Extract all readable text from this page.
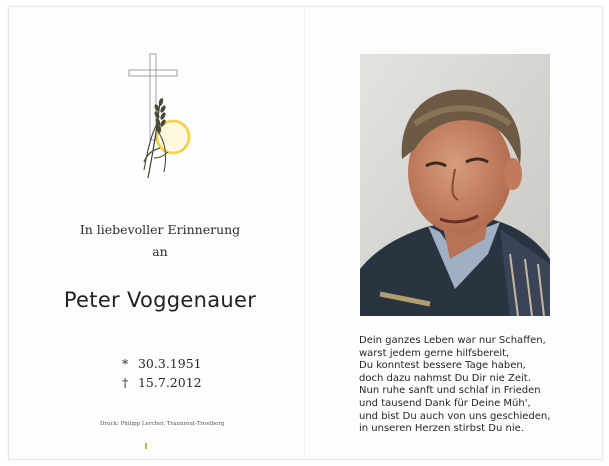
In liebevoller Erinnerung
an
Peter Voggenauer
* 30.3.1951
† 15.7.2012
Druck: Philipp Lercher, Traunreut-Trostberg
Dein ganzes Leben war nur Schaffen,
warst jedem gerne hilfsbereit,
Du konntest bessere Tage haben,
doch dazu nahmst Du Dir nie Zeit.
Nun ruhe sanft und schlaf in Frieden
und tausend Dank für Deine Müh',
und bist Du auch von uns geschieden,
in unseren Herzen stirbst Du nie.
